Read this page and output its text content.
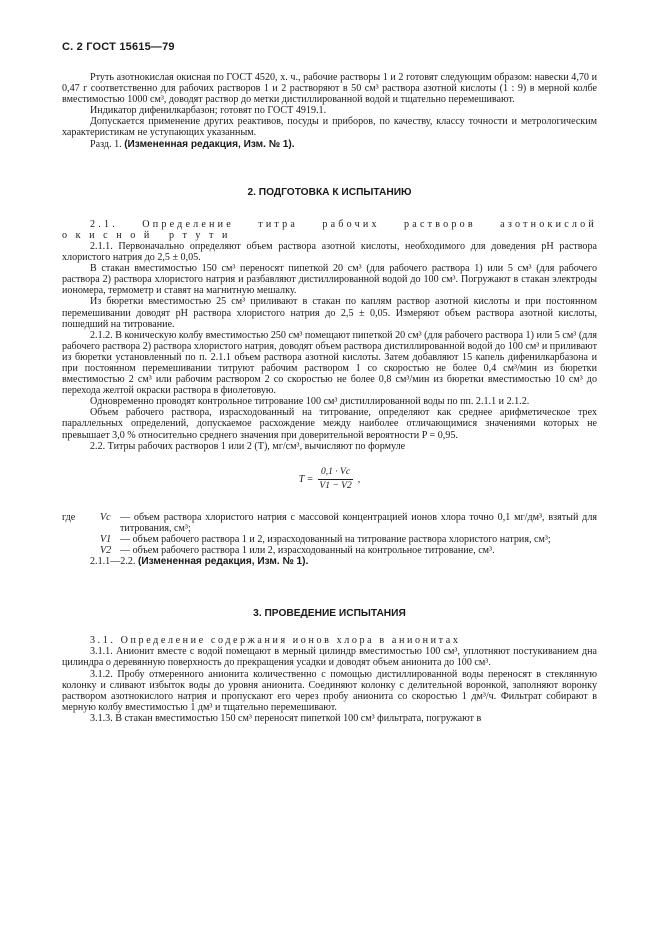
С. 2 ГОСТ 15615—79

Ртуть азотнокислая окисная по ГОСТ 4520, х. ч., рабочие растворы 1 и 2 готовят следующим образом: навески 4,70 и 0,47 г соответственно для рабочих растворов 1 и 2 растворяют в 50 см³ раствора азотной кислоты (1 : 9) в мерной колбе вместимостью 1000 см³, доводят раствор до метки дистиллированной водой и тщательно перемешивают.

Индикатор дифенилкарбазон; готовят по ГОСТ 4919.1.

Допускается применение других реактивов, посуды и приборов, по качеству, классу точности и метрологическим характеристикам не уступающих указанным.

Разд. 1. (Измененная редакция, Изм. № 1).

2. ПОДГОТОВКА К ИСПЫТАНИЮ

2.1. Определение титра рабочих растворов азотнокислой

окисной ртути

2.1.1. Первоначально определяют объем раствора азотной кислоты, необходимого для доведения pH раствора хлористого натрия до 2,5 ± 0,05.

В стакан вместимостью 150 см³ переносят пипеткой 20 см³ (для рабочего раствора 1) или 5 см³ (для рабочего раствора 2) раствора хлористого натрия и разбавляют дистиллированной водой до 100 см³. Погружают в стакан электроды иономера, термометр и ставят на магнитную мешалку.

Из бюретки вместимостью 25 см³ приливают в стакан по каплям раствор азотной кислоты и при постоянном перемешивании доводят pH раствора хлористого натрия до 2,5 ± 0,05. Измеряют объем раствора азотной кислоты, пошедший на титрование.

2.1.2. В коническую колбу вместимостью 250 см³ помещают пипеткой 20 см³ (для рабочего раствора 1) или 5 см³ (для рабочего раствора 2) раствора хлористого натрия, доводят объем раствора дистиллированной водой до 100 см³ и приливают из бюретки установленный по п. 2.1.1 объем раствора азотной кислоты. Затем добавляют 15 капель дифенилкарбазона и при постоянном перемешивании титруют рабочим раствором 1 со скоростью не более 0,4 см³/мин из бюретки вместимостью 2 см³ или рабочим раствором 2 со скоростью не более 0,8 см³/мин из бюретки вместимостью 10 см³ до перехода желтой окраски раствора в фиолетовую.

Одновременно проводят контрольное титрование 100 см³ дистиллированной воды по пп. 2.1.1 и 2.1.2.

Объем рабочего раствора, израсходованный на титрование, определяют как среднее арифметическое трех параллельных определений, допускаемое расхождение между наиболее отличающимися значениями которых не превышает 3,0 % относительно среднего значения при доверительной вероятности P = 0,95.

2.2. Титры рабочих растворов 1 или 2 (T), мг/см³, вычисляют по формуле

$T = \frac{0,1 \cdot Vc}{V1 - V2}$ ,
где	Vc — объем раствора хлористого натрия с массовой концентрацией ионов хлора точно 0,1 мг/дм³, взятый для титрования, см³;
V1 — объем рабочего раствора 1 и 2, израсходованный на титрование раствора хлористого натрия, см³;
V2 — объем рабочего раствора 1 или 2, израсходованный на контрольное титрование, см³.

2.1.1—2.2. (Измененная редакция, Изм. № 1).

3. ПРОВЕДЕНИЕ ИСПЫТАНИЯ

3.1. Определение содержания ионов хлора в анионитах

3.1.1. Анионит вместе с водой помещают в мерный цилиндр вместимостью 100 см³, уплотняют постукиванием дна цилиндра о деревянную поверхность до прекращения усадки и доводят объем анионита до 100 см³.

3.1.2. Пробу отмеренного анионита количественно с помощью дистиллированной воды переносят в стеклянную колонку и сливают избыток воды до уровня анионита. Соединяют колонку с делительной воронкой, заполняют воронку раствором азотнокислого натрия и пропускают его через пробу анионита со скоростью 1 дм³/ч. Фильтрат собирают в мерную колбу вместимостью 1 дм³ и тщательно перемешивают.

3.1.3. В стакан вместимостью 150 см³ переносят пипеткой 100 см³ фильтрата, погружают в
